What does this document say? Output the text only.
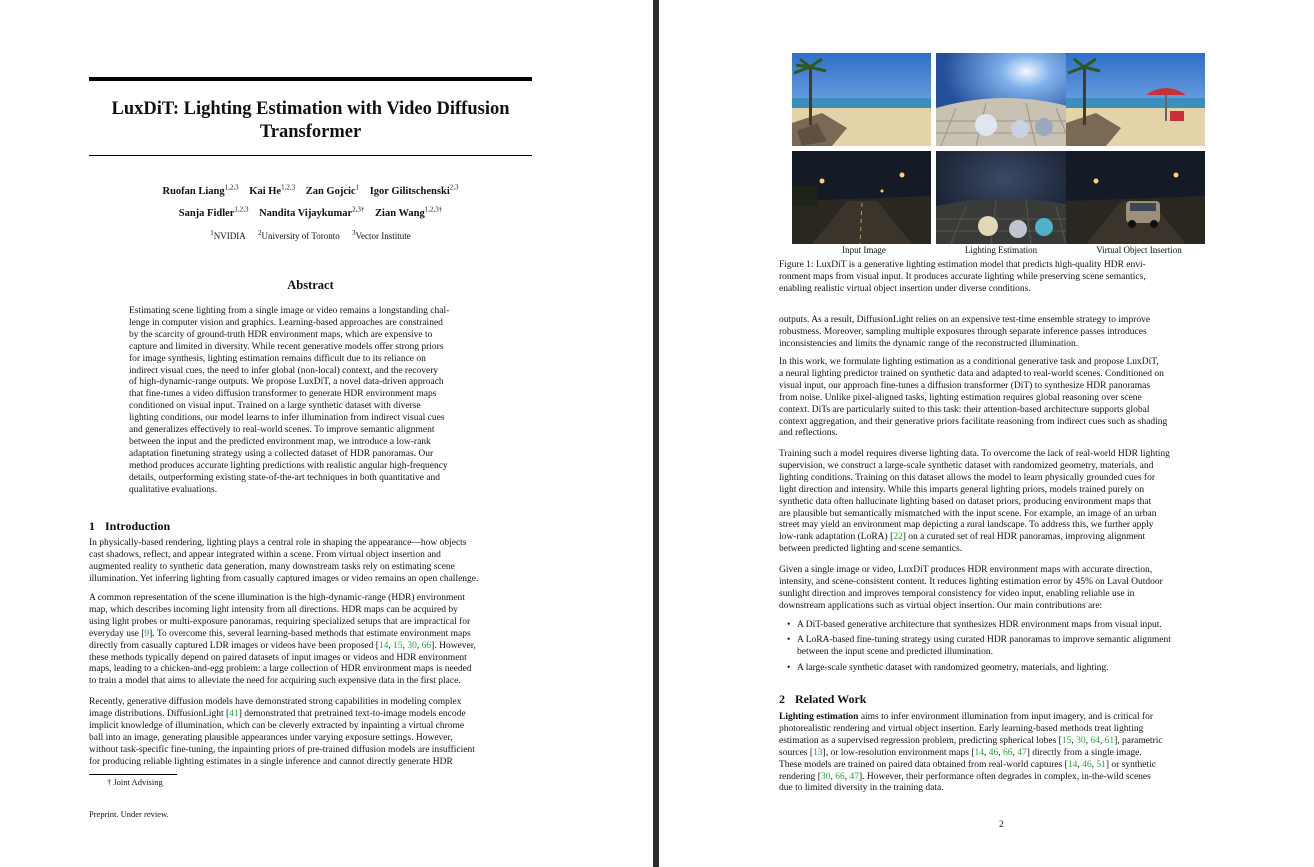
LuxDiT: Lighting Estimation with Video Diffusion
Transformer
Ruofan Liang$^{1,2,3}$ Kai He$^{1,2,3}$ Zan Gojcic$^1$ Igor Gilitschenski$^{2,3}$
Sanja Fidler$^{1,2,3}$ Nandita Vijaykumar$^{2,3\dagger}$ Zian Wang$^{1,2,3\dagger}$
$^1$NVIDIA $^2$University of Toronto $^3$Vector Institute
Abstract
Estimating scene lighting from a single image or video remains a longstanding chal-
lenge in computer vision and graphics. Learning-based approaches are constrained
by the scarcity of ground-truth HDR environment maps, which are expensive to
capture and limited in diversity. While recent generative models offer strong priors
for image synthesis, lighting estimation remains difficult due to its reliance on
indirect visual cues, the need to infer global (non-local) context, and the recovery
of high-dynamic-range outputs. We propose LuxDiT, a novel data-driven approach
that fine-tunes a video diffusion transformer to generate HDR environment maps
conditioned on visual input. Trained on a large synthetic dataset with diverse
lighting conditions, our model learns to infer illumination from indirect visual cues
and generalizes effectively to real-world scenes. To improve semantic alignment
between the input and the predicted environment map, we introduce a low-rank
adaptation finetuning strategy using a collected dataset of HDR panoramas. Our
method produces accurate lighting predictions with realistic angular high-frequency
details, outperforming existing state-of-the-art techniques in both quantitative and
qualitative evaluations.
1 Introduction
In physically-based rendering, lighting plays a central role in shaping the appearance—how objects
cast shadows, reflect, and appear integrated within a scene. From virtual object insertion and
augmented reality to synthetic data generation, many downstream tasks rely on estimating scene
illumination. Yet inferring lighting from casually captured images or video remains an open challenge.
A common representation of the scene illumination is the high-dynamic-range (HDR) environment
map, which describes incoming light intensity from all directions. HDR maps can be acquired by
using light probes or multi-exposure panoramas, requiring specialized setups that are impractical for
everyday use [9]. To overcome this, several learning-based methods that estimate environment maps
directly from casually captured LDR images or videos have been proposed [14, 15, 30, 66]. However,
these methods typically depend on paired datasets of input images or videos and HDR environment
maps, leading to a chicken-and-egg problem: a large collection of HDR environment maps is needed
to train a model that aims to alleviate the need for acquiring such expensive data in the first place.
Recently, generative diffusion models have demonstrated strong capabilities in modeling complex
image distributions. DiffusionLight [41] demonstrated that pretrained text-to-image models encode
implicit knowledge of illumination, which can be cleverly extracted by inpainting a virtual chrome
ball into an image, generating plausible appearances under varying exposure settings. However,
without task-specific fine-tuning, the inpainting priors of pre-trained diffusion models are insufficient
for producing reliable lighting estimates in a single inference and cannot directly generate HDR
† Joint Advising
Preprint. Under review.
Input Image	Lighting Estimation	Virtual Object Insertion
Figure 1: LuxDiT is a generative lighting estimation model that predicts high-quality HDR envi-
ronment maps from visual input. It produces accurate lighting while preserving scene semantics,
enabling realistic virtual object insertion under diverse conditions.
outputs. As a result, DiffusionLight relies on an expensive test-time ensemble strategy to improve
robustness. Moreover, sampling multiple exposures through separate inference passes introduces
inconsistencies and limits the dynamic range of the reconstructed illumination.
In this work, we formulate lighting estimation as a conditional generative task and propose LuxDiT,
a neural lighting predictor trained on synthetic data and adapted to real-world scenes. Conditioned on
visual input, our approach fine-tunes a diffusion transformer (DiT) to synthesize HDR panoramas
from noise. Unlike pixel-aligned tasks, lighting estimation requires global reasoning over scene
context. DiTs are particularly suited to this task: their attention-based architecture supports global
context aggregation, and their generative priors facilitate reasoning from indirect cues such as shading
and reflections.
Training such a model requires diverse lighting data. To overcome the lack of real-world HDR lighting
supervision, we construct a large-scale synthetic dataset with randomized geometry, materials, and
lighting conditions. Training on this dataset allows the model to learn physically grounded cues for
light direction and intensity. While this imparts general lighting priors, models trained purely on
synthetic data often hallucinate lighting based on dataset priors, producing environment maps that
are plausible but semantically mismatched with the input scene. For example, an image of an urban
street may yield an environment map depicting a rural landscape. To address this, we further apply
low-rank adaptation (LoRA) [22] on a curated set of real HDR panoramas, improving alignment
between predicted lighting and scene semantics.
Given a single image or video, LuxDiT produces HDR environment maps with accurate direction,
intensity, and scene-consistent content. It reduces lighting estimation error by 45% on Laval Outdoor
sunlight direction and improves temporal consistency for video input, enabling reliable use in
downstream applications such as virtual object insertion. Our main contributions are:
• A DiT-based generative architecture that synthesizes HDR environment maps from visual input.
• A LoRA-based fine-tuning strategy using curated HDR panoramas to improve semantic alignment
between the input scene and predicted illumination.
• A large-scale synthetic dataset with randomized geometry, materials, and lighting.
2 Related Work
Lighting estimation aims to infer environment illumination from input imagery, and is critical for
photorealistic rendering and virtual object insertion. Early learning-based methods treat lighting
estimation as a supervised regression problem, predicting spherical lobes [15, 30, 64, 61], parametric
sources [13], or low-resolution environment maps [14, 46, 66, 47] directly from a single image.
These models are trained on paired data obtained from real-world captures [14, 46, 51] or synthetic
rendering [30, 66, 47]. However, their performance often degrades in complex, in-the-wild scenes
due to limited diversity in the training data.
2
